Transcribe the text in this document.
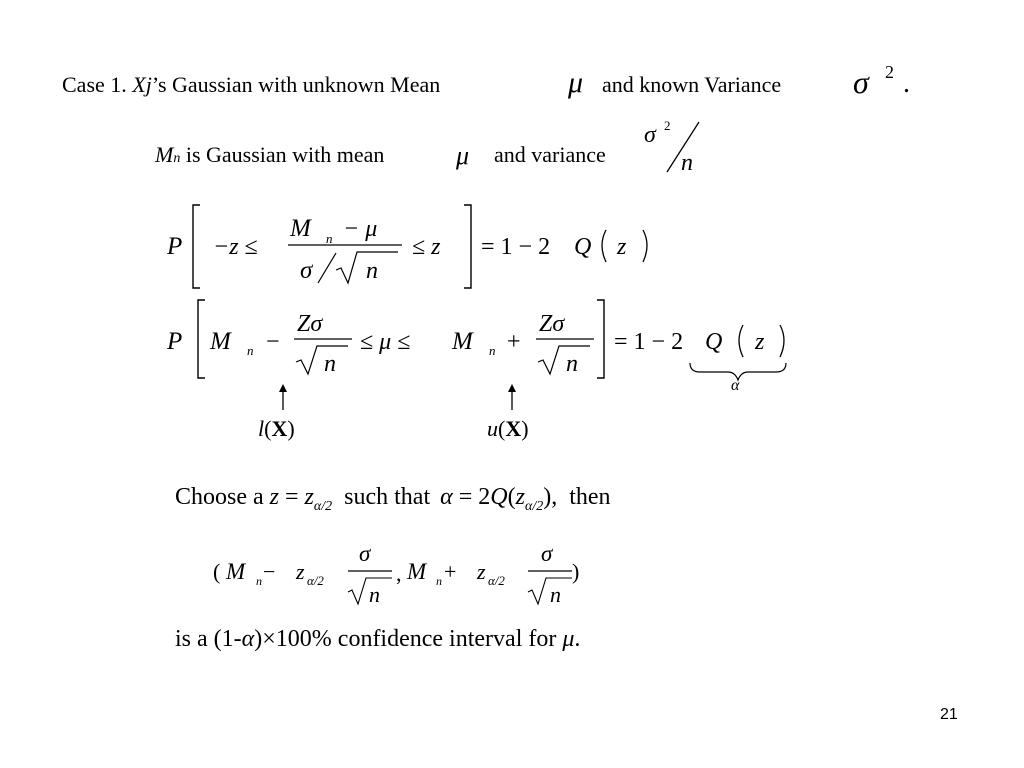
Case 1. Xj’s Gaussian with unknown Mean	μ and known Variance σ 2 .
Mn is Gaussian with mean	μ and variance
σ 2
n
P −z ≤
M n − μ
σ n
≤ z = 1 − 2 Q z
P M n −
Zσ
n
≤ μ ≤ M n +
Zσ
n
= 1 − 2 Q z
α
l(X)	u(X)
Choose a $z = z_{\alpha/2}$ such that $\alpha = 2Q(z_{\alpha/2})$, then
( M n − z α/2
σ
n
, M n + z α/2
σ
n
)
is a (1-α)×100% confidence interval for μ.
21
